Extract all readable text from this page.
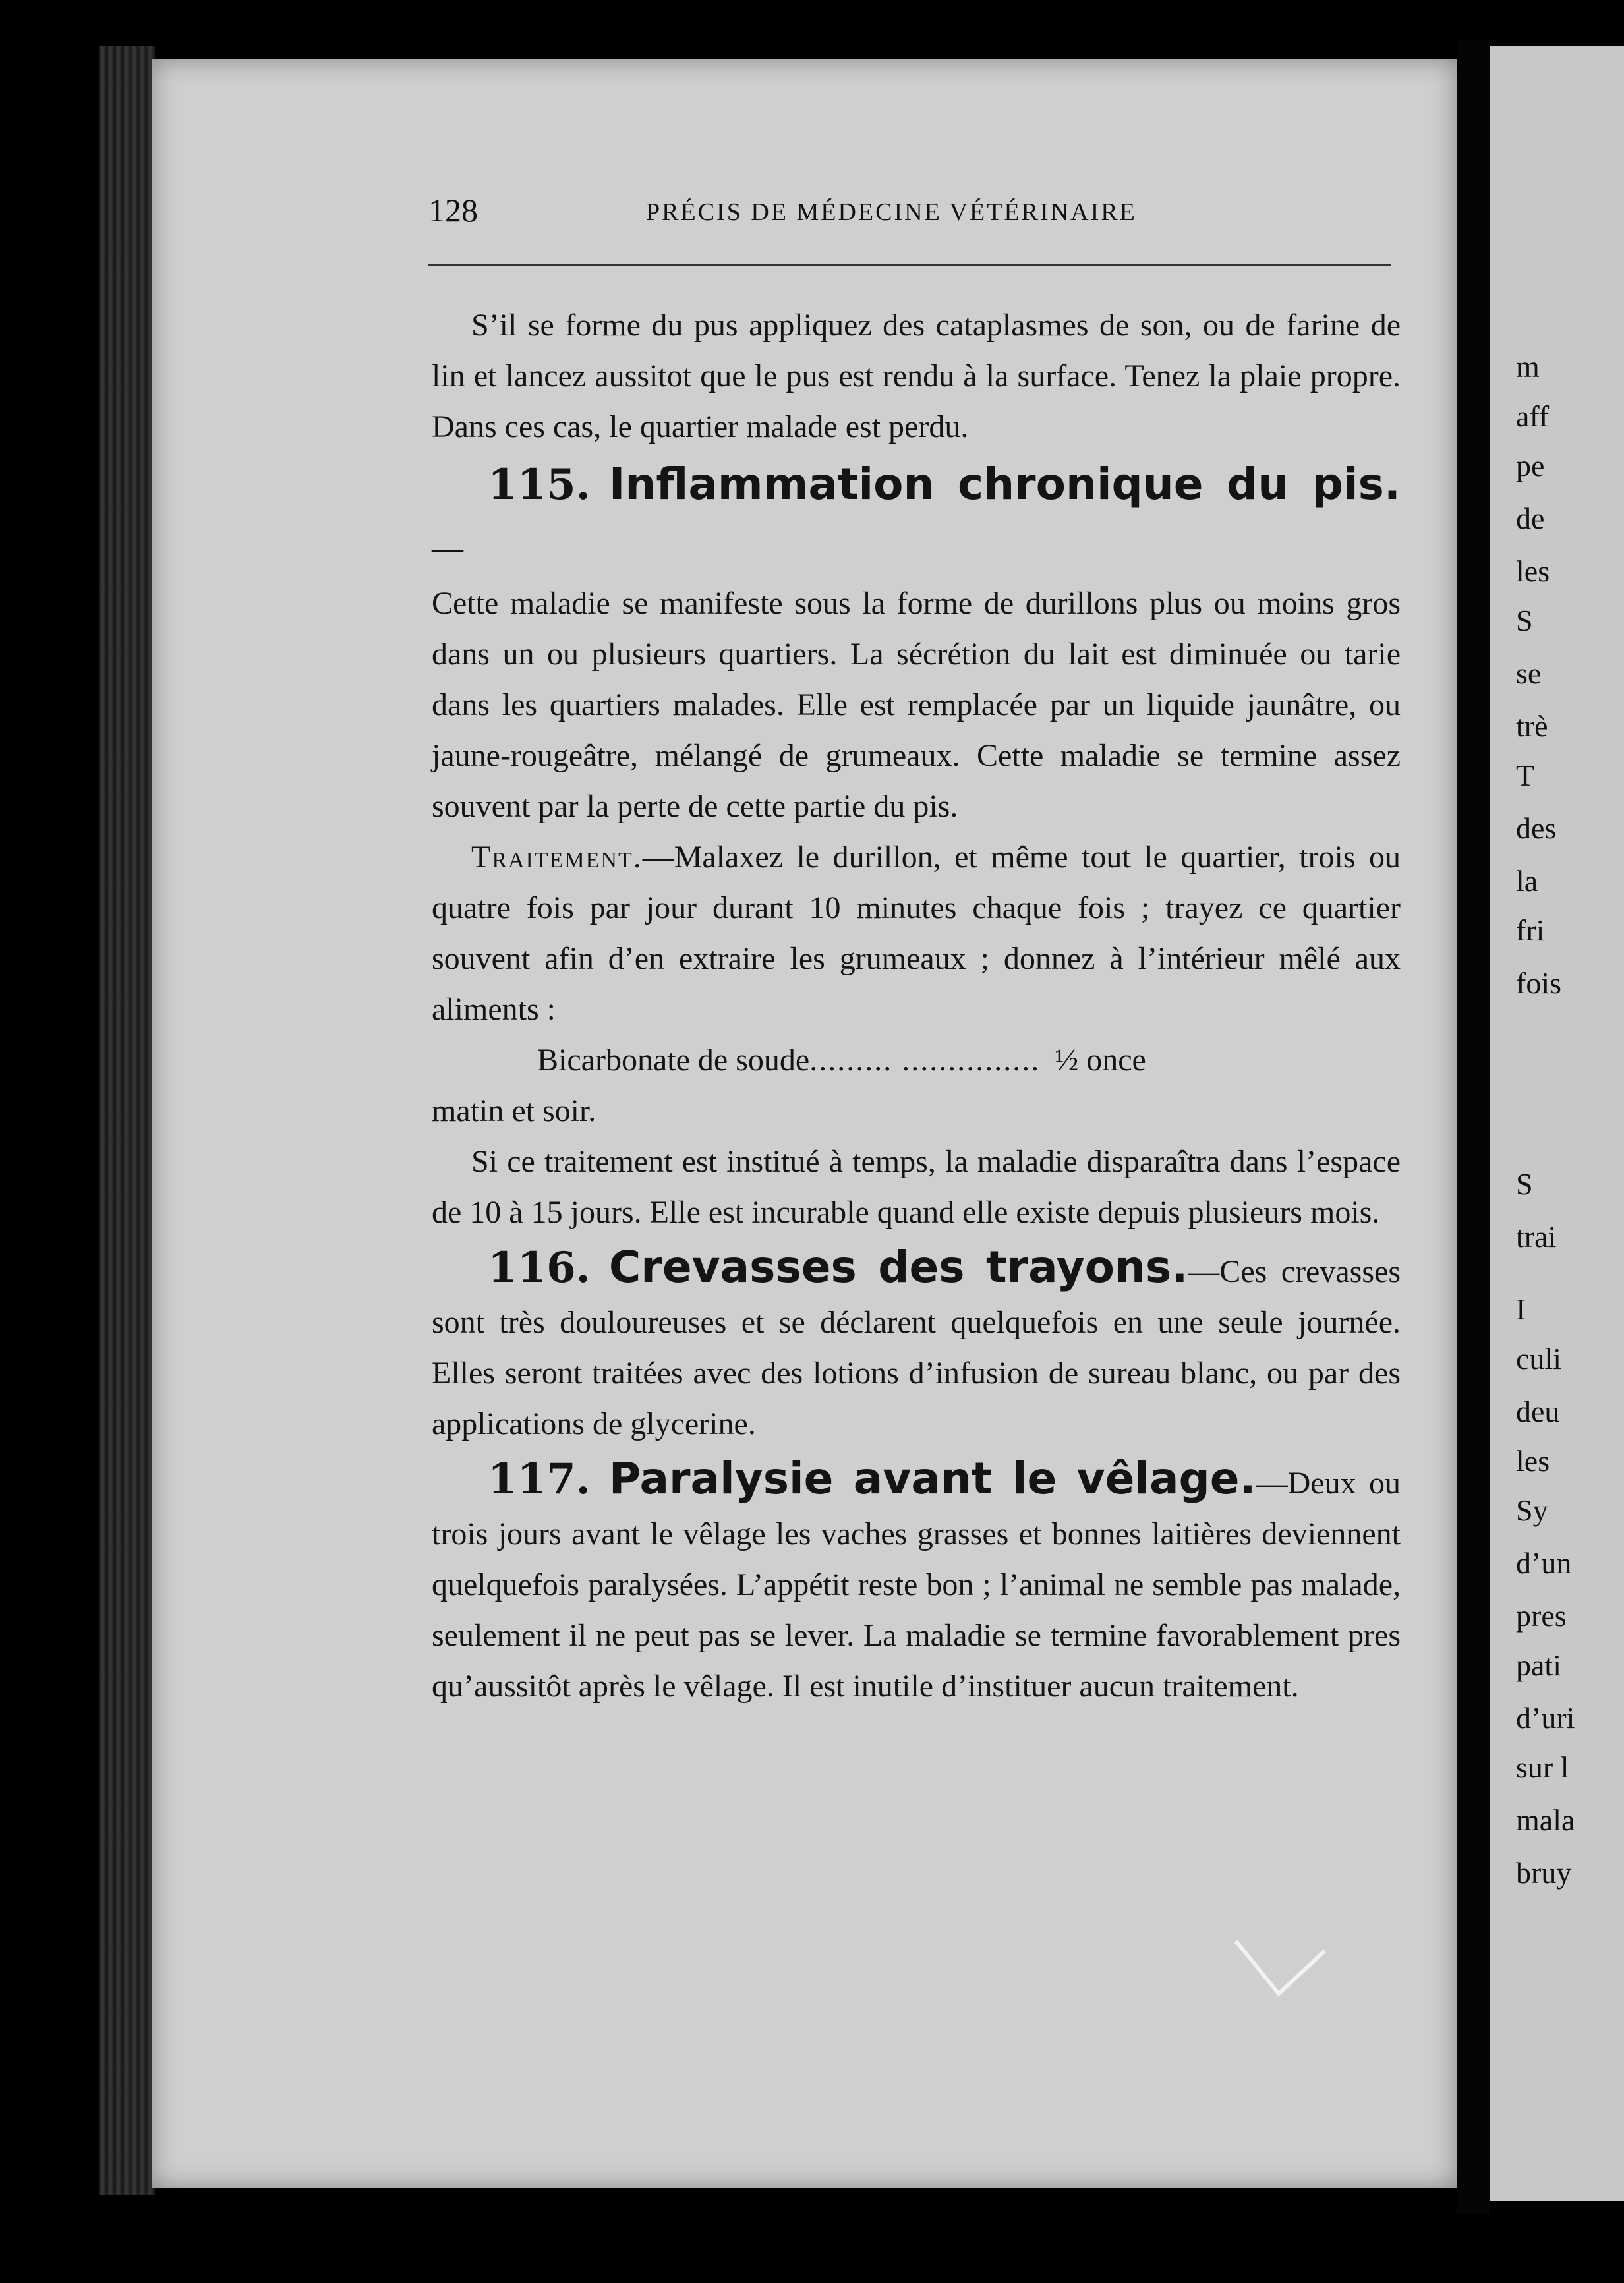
128	PRÉCIS DE MÉDECINE VÉTÉRINAIRE

S’il se forme du pus appliquez des cataplasmes de son, ou de farine de lin et lancez aussitot que le pus est rendu à la surface. Tenez la plaie propre. Dans ces cas, le quartier malade est perdu.

115. Inflammation chronique du pis.—

Cette maladie se manifeste sous la forme de durillons plus ou moins gros dans un ou plusieurs quartiers. La sécrétion du lait est diminuée ou tarie dans les quartiers malades. Elle est remplacée par un liquide jaunâtre, ou jaune-rougeâtre, mélangé de grumeaux. Cette maladie se termine assez souvent par la perte de cette partie du pis.

Traitement.—Malaxez le durillon, et même tout le quartier, trois ou quatre fois par jour durant 10 minutes chaque fois ; trayez ce quartier souvent afin d’en extraire les grumeaux ; donnez à l’intérieur mêlé aux aliments :

Bicarbonate de soude......... ............... ½ once

matin et soir.

Si ce traitement est institué à temps, la maladie disparaîtra dans l’espace de 10 à 15 jours. Elle est incurable quand elle existe depuis plusieurs mois.

116. Crevasses des trayons.—Ces crevasses sont très douloureuses et se déclarent quelquefois en une seule journée. Elles seront traitées avec des lotions d’infusion de sureau blanc, ou par des applications de glycerine.

117. Paralysie avant le vêlage.—Deux ou trois jours avant le vêlage les vaches grasses et bonnes laitières deviennent quelquefois paralysées. L’appétit reste bon ; l’animal ne semble pas malade, seulement il ne peut pas se lever. La maladie se termine favorablement pres qu’aussitôt après le vêlage. Il est inutile d’instituer aucun traitement.

m
aff
pe
de
les
S
se
trè
T
des
la
fri
fois
S
trai
I
culi
deu
les
Sy
d’un
pres
pati
d’uri
sur l
mala
bruy
